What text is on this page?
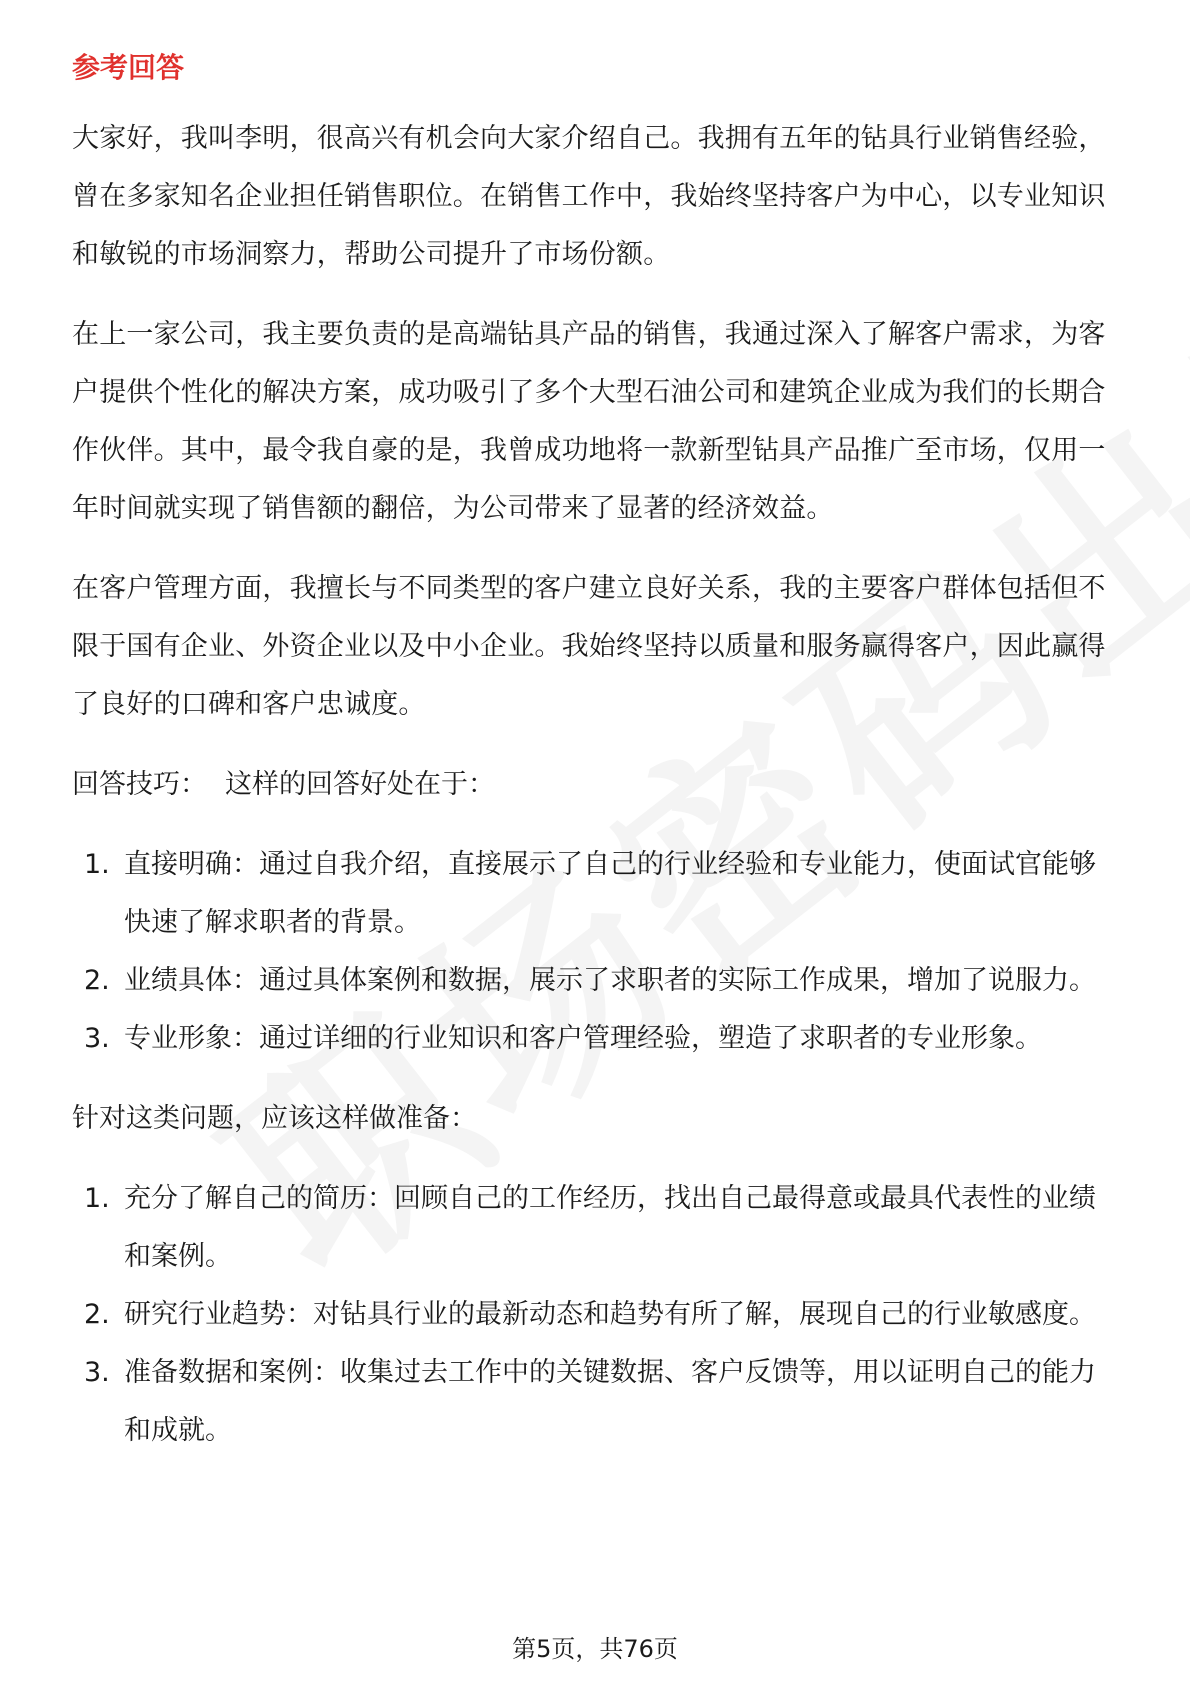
参考回答

大家好，我叫李明，很高兴有机会向大家介绍自己。我拥有五年的钻具行业销售经验，曾在多家知名企业担任销售职位。在销售工作中，我始终坚持客户为中心，以专业知识和敏锐的市场洞察力，帮助公司提升了市场份额。

在上一家公司，我主要负责的是高端钻具产品的销售，我通过深入了解客户需求，为客户提供个性化的解决方案，成功吸引了多个大型石油公司和建筑企业成为我们的长期合作伙伴。其中，最令我自豪的是，我曾成功地将一款新型钻具产品推广至市场，仅用一年时间就实现了销售额的翻倍，为公司带来了显著的经济效益。

在客户管理方面，我擅长与不同类型的客户建立良好关系，我的主要客户群体包括但不限于国有企业、外资企业以及中小企业。我始终坚持以质量和服务赢得客户，因此赢得了良好的口碑和客户忠诚度。

回答技巧： 这样的回答好处在于：

1. 直接明确：通过自我介绍，直接展示了自己的行业经验和专业能力，使面试官能够快速了解求职者的背景。
2. 业绩具体：通过具体案例和数据，展示了求职者的实际工作成果，增加了说服力。
3. 专业形象：通过详细的行业知识和客户管理经验，塑造了求职者的专业形象。

针对这类问题，应该这样做准备：

1. 充分了解自己的简历：回顾自己的工作经历，找出自己最得意或最具代表性的业绩和案例。
2. 研究行业趋势：对钻具行业的最新动态和趋势有所了解，展现自己的行业敏感度。
3. 准备数据和案例：收集过去工作中的关键数据、客户反馈等，用以证明自己的能力和成就。
第5页，共76页
